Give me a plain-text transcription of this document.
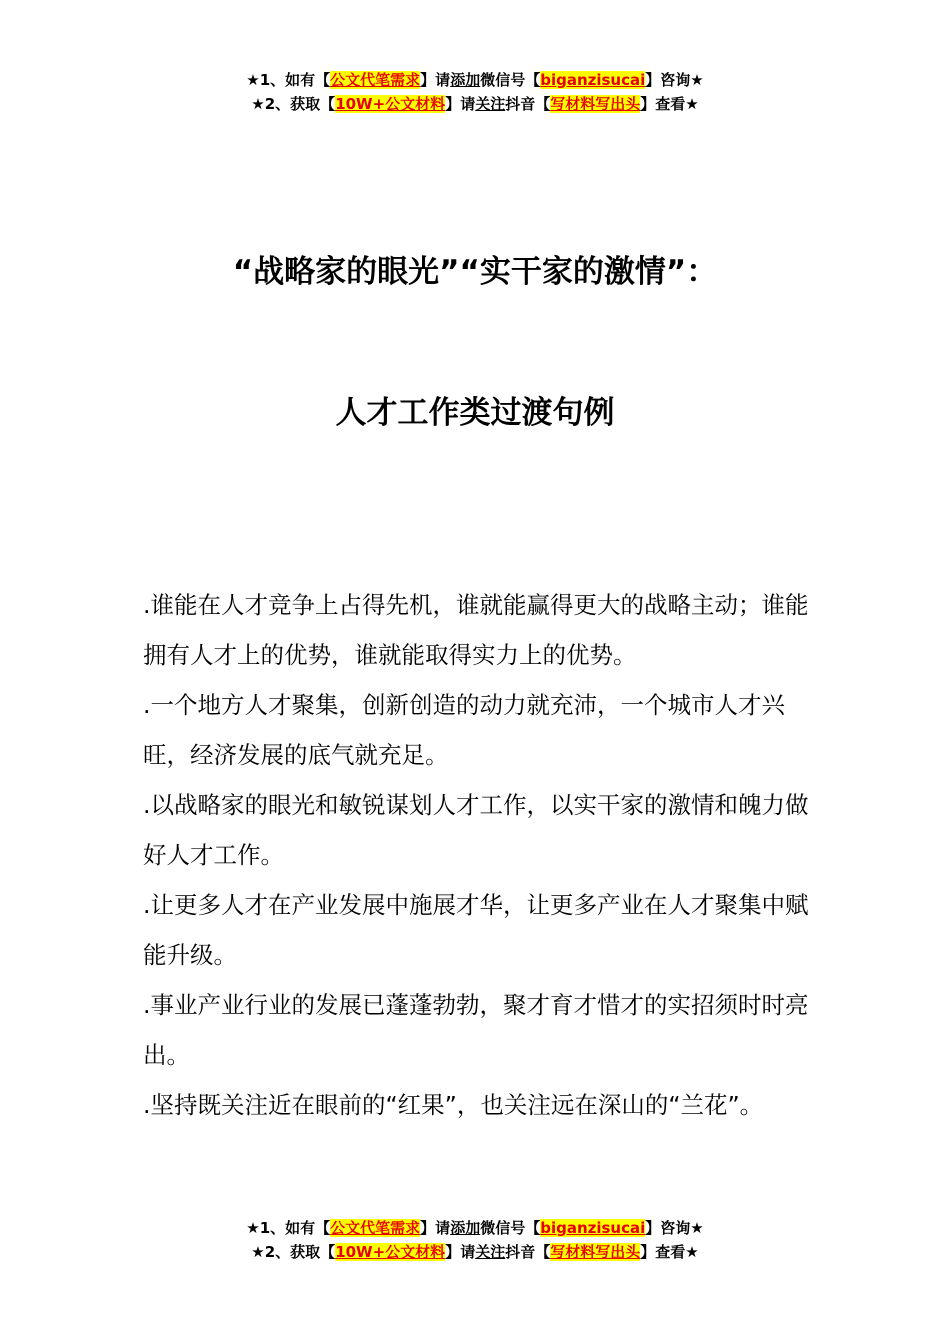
★1、如有【公文代笔需求】请添加微信号【biganzisucai】咨询★
★2、获取【10W+公文材料】请关注抖音【写材料写出头】查看★
“战略家的眼光”“实干家的激情”：
人才工作类过渡句例

.谁能在人才竞争上占得先机，谁就能赢得更大的战略主动；谁能拥有人才上的优势，谁就能取得实力上的优势。

.一个地方人才聚集，创新创造的动力就充沛，一个城市人才兴旺，经济发展的底气就充足。

.以战略家的眼光和敏锐谋划人才工作，以实干家的激情和魄力做好人才工作。

.让更多人才在产业发展中施展才华，让更多产业在人才聚集中赋能升级。

.事业产业行业的发展已蓬蓬勃勃，聚才育才惜才的实招须时时亮出。

.坚持既关注近在眼前的“红果”，也关注远在深山的“兰花”。

★1、如有【公文代笔需求】请添加微信号【biganzisucai】咨询★
★2、获取【10W+公文材料】请关注抖音【写材料写出头】查看★
